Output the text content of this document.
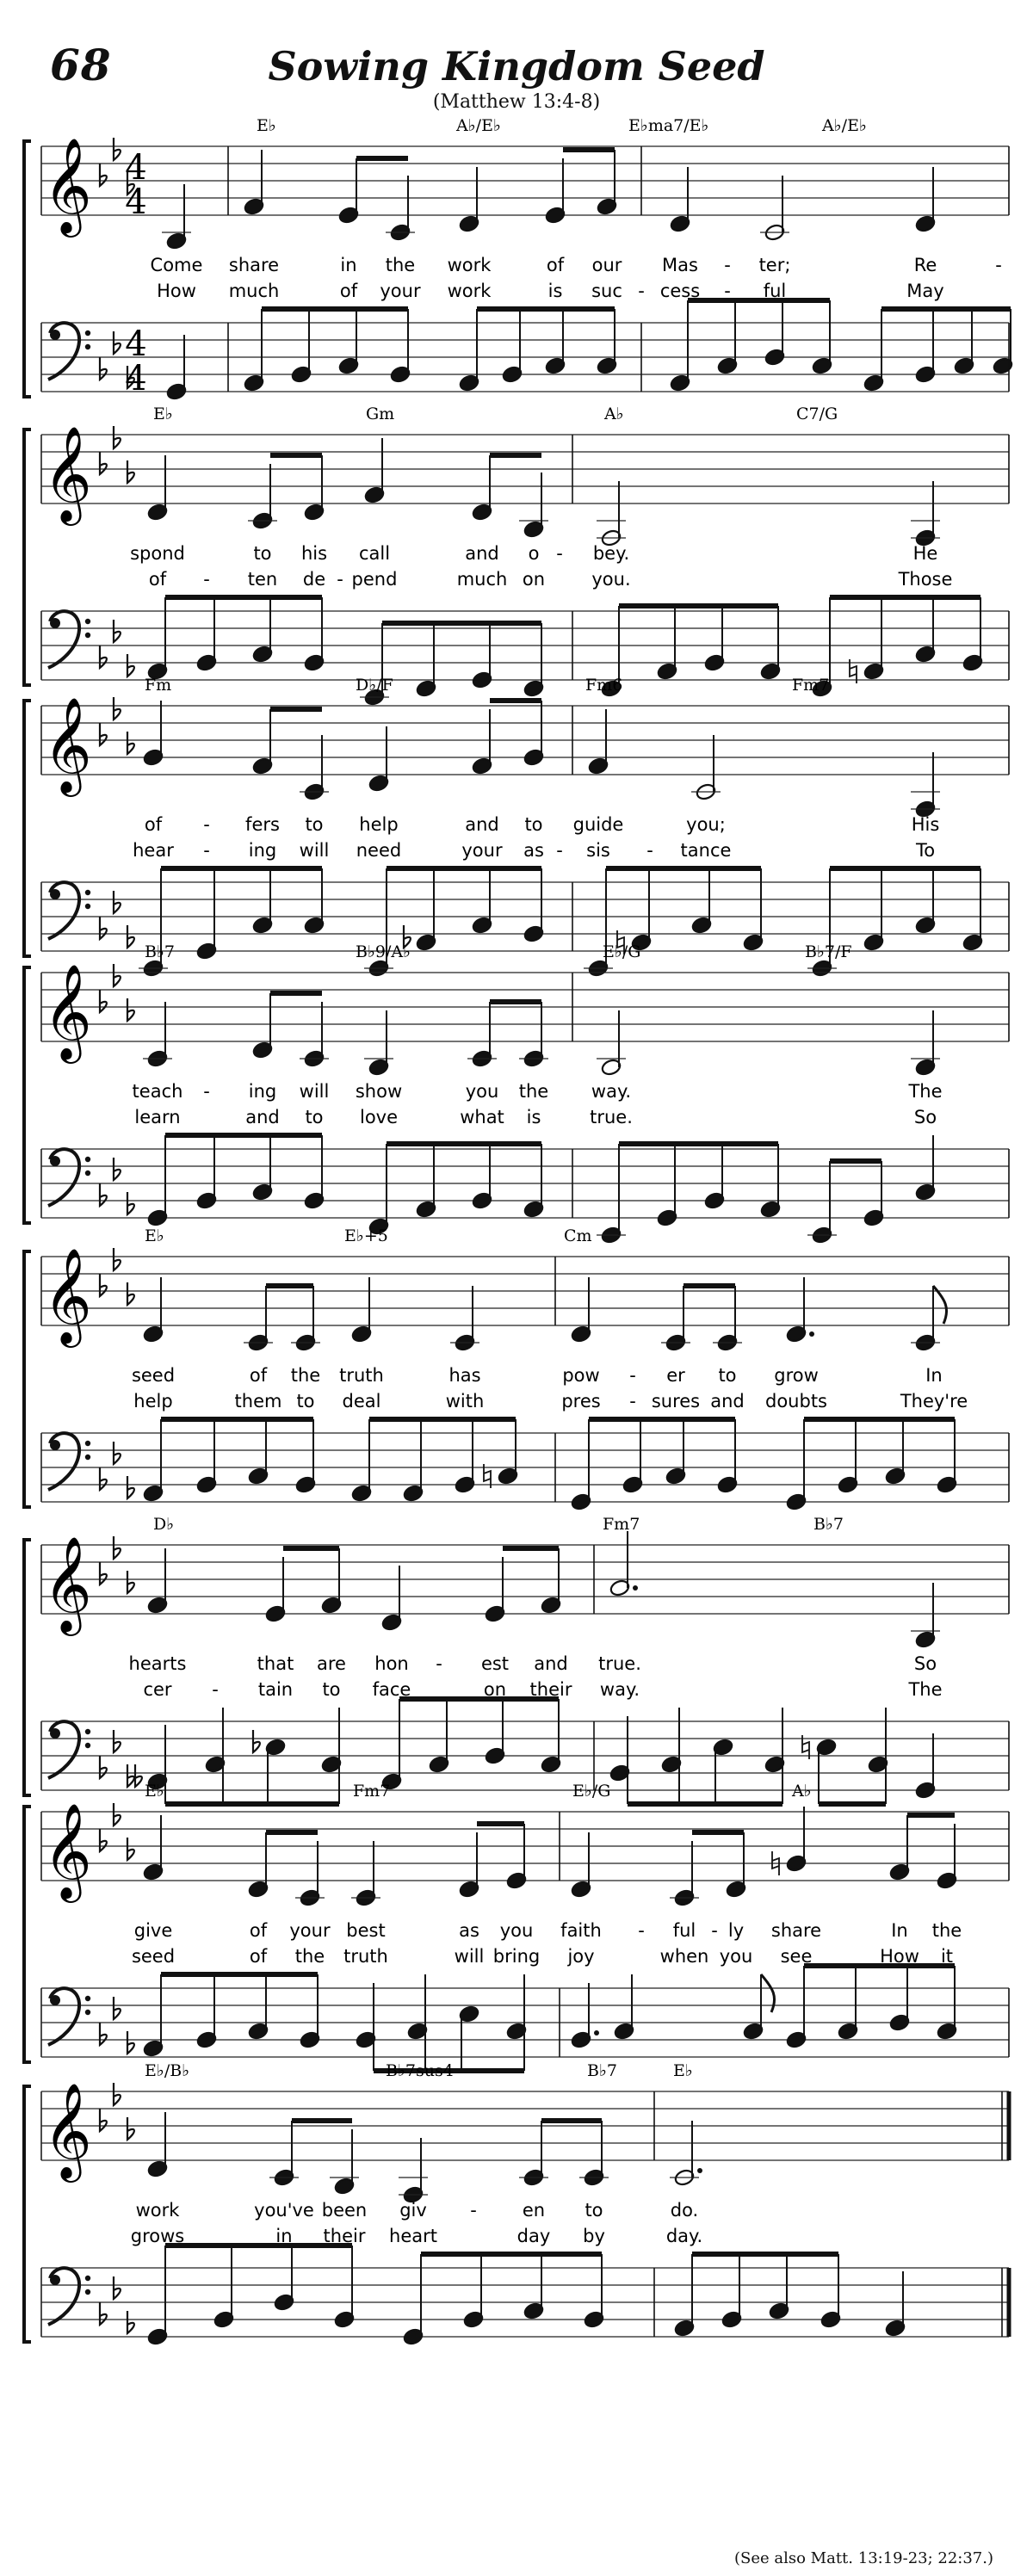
68	Sowing Kingdom Seed
(Matthew 13:4-8)
𝄞 4
4
4
4
E♭	A♭/E♭	E♭ma7/E♭	A♭/E♭
Come share	in the work	of our Mas - ter;	Re	-
How much	of your work	is suc - cess - ful	May
𝄞
E♭	Gm	A♭	C7/G
spond	to his call	and o - bey.	He
of - ten de - pend	much on	you.	Those
𝄞
Fm	D♭/F	Fm6	Fm7
of - fers to help	and to guide	you;	His
hear - ing will need	your as - sis - tance	To
𝄞
B♭7	B♭9/A♭	E♭/G	B♭7/F
teach - ing will show	you the way.	The
learn	and to love	what is	true.	So
𝄞
E♭	E♭+5	Cm
seed	of the truth	has	pow - er to grow	In
help	them to deal	with	pres - sures and doubts	They're
𝄞
D♭	Fm7	B♭7
hearts	that are hon - est and true.	So
cer - tain to face	on their way.	The
𝄞
E♭	Fm7	E♭/G	A♭
give	of your best	as you faith - ful - ly share	In the
seed	of the truth	will bring joy	when you see	How it
𝄞
E♭/B♭	B♭7sus4	B♭7	E♭
work	you've been giv -	en to	do.
grows	in their heart	day by	day.
(See also Matt. 13:19-23; 22:37.)
